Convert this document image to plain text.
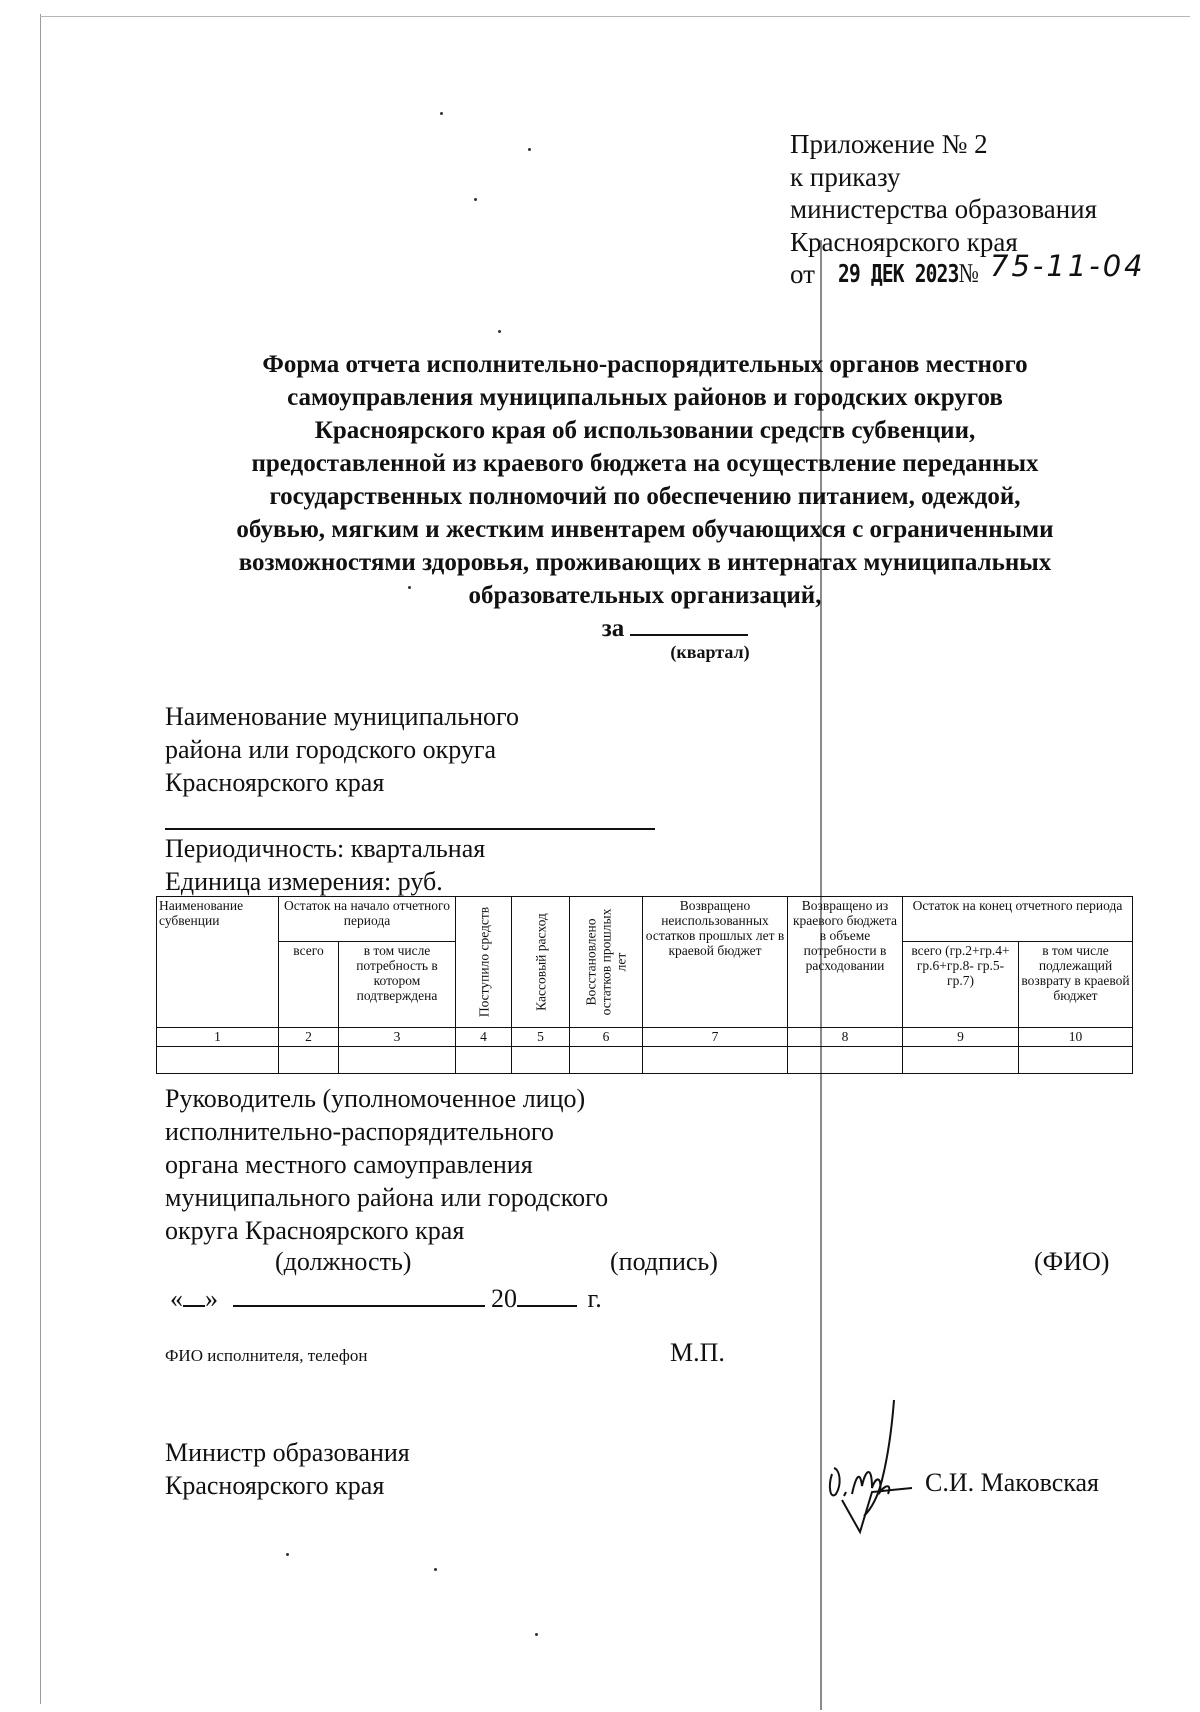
Приложение № 2
к приказу
министерства образования
Красноярского края
от 29 ДЕК 2023№ 75-11-04
Форма отчета исполнительно-распорядительных органов местного
самоуправления муниципальных районов и городских округов
Красноярского края об использовании средств субвенции,
предоставленной из краевого бюджета на осуществление переданных
государственных полномочий по обеспечению питанием, одеждой,
обувью, мягким и жестким инвентарем обучающихся с ограниченными
возможностями здоровья, проживающих в интернатах муниципальных
образовательных организаций,
за
(квартал)
Наименование муниципального
района или городского округа
Красноярского края
Периодичность: квартальная
Единица измерения: руб.
Наименование субвенции	Остаток на начало отчетного периода		Поступило средств	Кассовый расход	Восстановлено остатков прошлых лет	Возвращено неиспользованных остатков прошлых лет в краевой бюджет	Возвращено из краевого бюджета в объеме потребности в расходовании	Остаток на конец отчетного периода	
	всего	в том числе потребность в котором подтверждена						всего (гр.2+гр.4+ гр.6+гр.8- гр.5-гр.7)	в том числе подлежащий возврату в краевой бюджет
1	2	3	4	5	6	7	8	9	10

Руководитель (уполномоченное лицо)
исполнительно-распорядительного
органа местного самоуправления
муниципального района или городского
округа Красноярского края
(должность)	(подпись)	(ФИО)
« »	20	г.
ФИО исполнителя, телефон	М.П.
Министр образования
Красноярского края	С.И. Маковская
